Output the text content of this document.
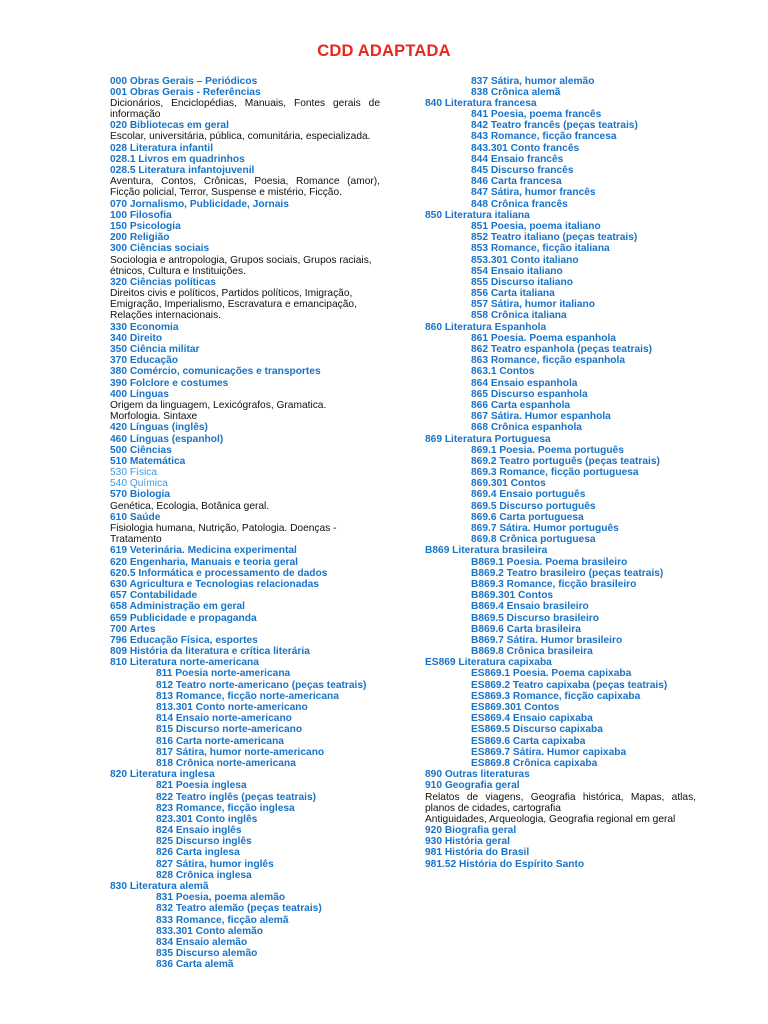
CDD ADAPTADA
000 Obras Gerais – Periódicos
001 Obras Gerais - Referências
Dicionários, Enciclopédias, Manuais, Fontes gerais de
informação
020 Bibliotecas em geral
Escolar, universitária, pública, comunitária, especializada.
028 Literatura infantil
028.1 Livros em quadrinhos
028.5 Literatura infantojuvenil
Aventura, Contos, Crônicas, Poesia, Romance (amor),
Ficção policial, Terror, Suspense e mistério, Ficção.
070 Jornalismo, Publicidade, Jornais
100 Filosofia
150 Psicologia
200 Religião
300 Ciências sociais
Sociologia e antropologia, Grupos sociais, Grupos raciais,
étnicos, Cultura e Instituições.
320 Ciências políticas
Direitos civis e políticos, Partidos políticos, Imigração,
Emigração, Imperialismo, Escravatura e emancipação,
Relações internacionais.
330 Economia
340 Direito
350 Ciência militar
370 Educação
380 Comércio, comunicações e transportes
390 Folclore e costumes
400 Línguas
Origem da linguagem, Lexicógrafos, Gramatica.
Morfologia. Sintaxe
420 Línguas (inglês)
460 Línguas (espanhol)
500 Ciências
510 Matemática
530 Física
540 Química
570 Biologia
Genética, Ecologia, Botânica geral.
610 Saúde
Fisiologia humana, Nutrição, Patologia. Doenças -
Tratamento
619 Veterinária. Medicina experimental
620 Engenharia, Manuais e teoria geral
620.5 Informática e processamento de dados
630 Agricultura e Tecnologias relacionadas
657 Contabilidade
658 Administração em geral
659 Publicidade e propaganda
700 Artes
796 Educação Física, esportes
809 História da literatura e crítica literária
810 Literatura norte-americana
811 Poesia norte-americana
812 Teatro norte-americano (peças teatrais)
813 Romance, ficção norte-americana
813.301 Conto norte-americano
814 Ensaio norte-americano
815 Discurso norte-americano
816 Carta norte-americana
817 Sátira, humor norte-americano
818 Crônica norte-americana
820 Literatura inglesa
821 Poesia inglesa
822 Teatro inglês (peças teatrais)
823 Romance, ficção inglesa
823.301 Conto inglês
824 Ensaio inglês
825 Discurso inglês
826 Carta inglesa
827 Sátira, humor inglês
828 Crônica inglesa
830 Literatura alemã
831 Poesia, poema alemão
832 Teatro alemão (peças teatrais)
833 Romance, ficção alemã
833.301 Conto alemão
834 Ensaio alemão
835 Discurso alemão
836 Carta alemã
837 Sátira, humor alemão
838 Crônica alemã
840 Literatura francesa
841 Poesia, poema francês
842 Teatro francês (peças teatrais)
843 Romance, ficção francesa
843.301 Conto francês
844 Ensaio francês
845 Discurso francês
846 Carta francesa
847 Sátira, humor francês
848 Crônica francês
850 Literatura italiana
851 Poesia, poema italiano
852 Teatro italiano (peças teatrais)
853 Romance, ficção italiana
853.301 Conto italiano
854 Ensaio italiano
855 Discurso italiano
856 Carta italiana
857 Sátira, humor italiano
858 Crônica italiana
860 Literatura Espanhola
861 Poesia. Poema espanhola
862 Teatro espanhola (peças teatrais)
863 Romance, ficção espanhola
863.1 Contos
864 Ensaio espanhola
865 Discurso espanhola
866 Carta espanhola
867 Sátira. Humor espanhola
868 Crônica espanhola
869 Literatura Portuguesa
869.1 Poesia. Poema português
869.2 Teatro português (peças teatrais)
869.3 Romance, ficção portuguesa
869.301 Contos
869.4 Ensaio português
869.5 Discurso português
869.6 Carta portuguesa
869.7 Sátira. Humor português
869.8 Crônica portuguesa
B869 Literatura brasileira
B869.1 Poesia. Poema brasileiro
B869.2 Teatro brasileiro (peças teatrais)
B869.3 Romance, ficção brasileiro
B869.301 Contos
B869.4 Ensaio brasileiro
B869.5 Discurso brasileiro
B869.6 Carta brasileira
B869.7 Sátira. Humor brasileiro
B869.8 Crônica brasileira
ES869 Literatura capixaba
ES869.1 Poesia. Poema capixaba
ES869.2 Teatro capixaba (peças teatrais)
ES869.3 Romance, ficção capixaba
ES869.301 Contos
ES869.4 Ensaio capixaba
ES869.5 Discurso capixaba
ES869.6 Carta capixaba
ES869.7 Sátira. Humor capixaba
ES869.8 Crônica capixaba
890 Outras literaturas
910 Geografia geral
Relatos de viagens, Geografia histórica, Mapas, atlas,
planos de cidades, cartografia
Antiguidades, Arqueologia, Geografia regional em geral
920 Biografia geral
930 História geral
981 História do Brasil
981.52 História do Espírito Santo
